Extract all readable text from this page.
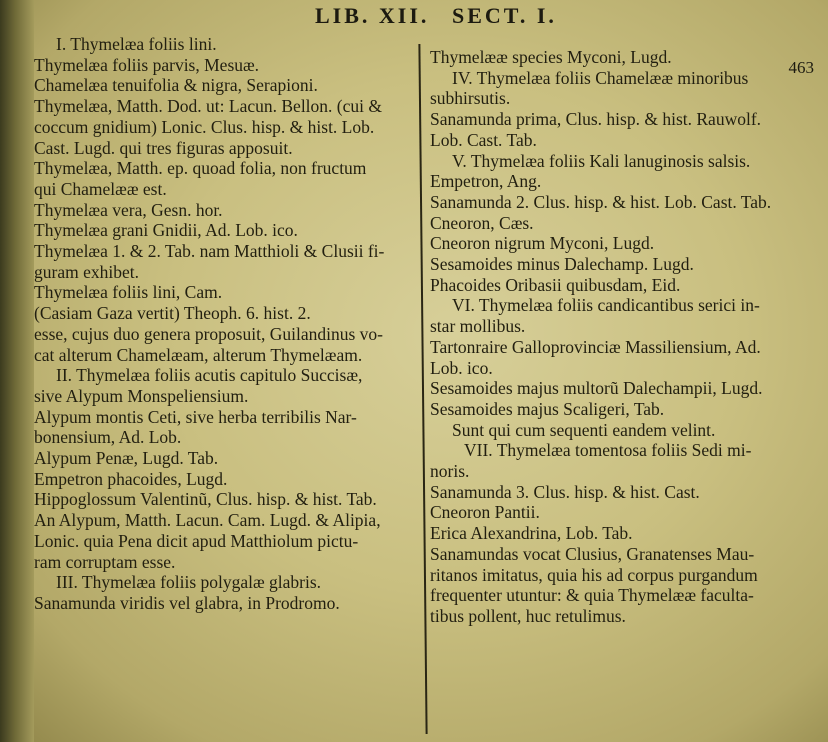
LIB. XII. SECT. I.
463
I. Thymelæa foliis lini.
Thymelæa foliis parvis, Mesuæ.
Chamelæa tenuifolia & nigra, Serapioni.
Thymelæa, Matth. Dod. ut: Lacun. Bellon. (cui &
coccum gnidium) Lonic. Clus. hisp. & hist. Lob.
Cast. Lugd. qui tres figuras apposuit.
Thymelæa, Matth. ep. quoad folia, non fructum
qui Chamelææ est.
Thymelæa vera, Gesn. hor.
Thymelæa grani Gnidii, Ad. Lob. ico.
Thymelæa 1. & 2. Tab. nam Matthioli & Clusii fi-
guram exhibet.
Thymelæa foliis lini, Cam.
(Casiam Gaza vertit) Theoph. 6. hist. 2.
esse, cujus duo genera proposuit, Guilandinus vo-
cat alterum Chamelæam, alterum Thymelæam.
II. Thymelæa foliis acutis capitulo Succisæ,
sive Alypum Monspeliensium.
Alypum montis Ceti, sive herba terribilis Nar-
bonensium, Ad. Lob.
Alypum Penæ, Lugd. Tab.
Empetron phacoides, Lugd.
Hippoglossum Valentinũ, Clus. hisp. & hist. Tab.
An Alypum, Matth. Lacun. Cam. Lugd. & Alipia,
Lonic. quia Pena dicit apud Matthiolum pictu-
ram corruptam esse.
III. Thymelæa foliis polygalæ glabris.
Sanamunda viridis vel glabra, in Prodromo.
Thymelææ species Myconi, Lugd.
IV. Thymelæa foliis Chamelææ minoribus
subhirsutis.
Sanamunda prima, Clus. hisp. & hist. Rauwolf.
Lob. Cast. Tab.
V. Thymelæa foliis Kali lanuginosis salsis.
Empetron, Ang.
Sanamunda 2. Clus. hisp. & hist. Lob. Cast. Tab.
Cneoron, Cæs.
Cneoron nigrum Myconi, Lugd.
Sesamoides minus Dalechamp. Lugd.
Phacoides Oribasii quibusdam, Eid.
VI. Thymelæa foliis candicantibus serici in-
star mollibus.
Tartonraire Galloprovinciæ Massiliensium, Ad.
Lob. ico.
Sesamoides majus multorũ Dalechampii, Lugd.
Sesamoides majus Scaligeri, Tab.
Sunt qui cum sequenti eandem velint.
VII. Thymelæa tomentosa foliis Sedi mi-
noris.
Sanamunda 3. Clus. hisp. & hist. Cast.
Cneoron Pantii.
Erica Alexandrina, Lob. Tab.
Sanamundas vocat Clusius, Granatenses Mau-
ritanos imitatus, quia his ad corpus purgandum
frequenter utuntur: & quia Thymelææ faculta-
tibus pollent, huc retulimus.
